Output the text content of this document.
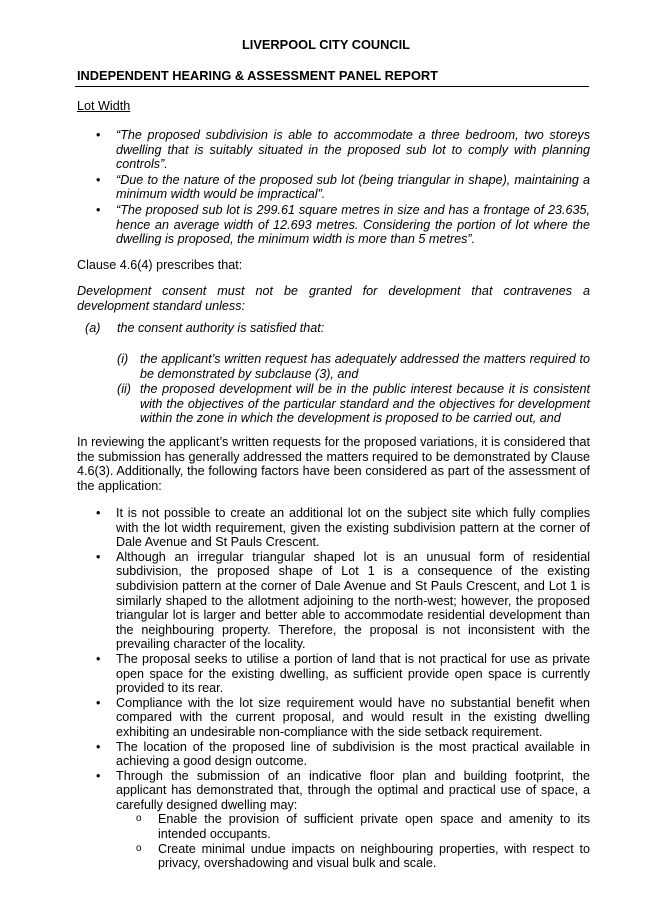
LIVERPOOL CITY COUNCIL
INDEPENDENT HEARING & ASSESSMENT PANEL REPORT
Lot Width
• “The proposed subdivision is able to accommodate a three bedroom, two storeys dwelling that is suitably situated in the proposed sub lot to comply with planning controls”.
• “Due to the nature of the proposed sub lot (being triangular in shape), maintaining a minimum width would be impractical”.
• “The proposed sub lot is 299.61 square metres in size and has a frontage of 23.635, hence an average width of 12.693 metres. Considering the portion of lot where the dwelling is proposed, the minimum width is more than 5 metres”.
Clause 4.6(4) prescribes that:
Development consent must not be granted for development that contravenes a development standard unless:
(a) the consent authority is satisfied that:
(i) the applicant’s written request has adequately addressed the matters required to be demonstrated by subclause (3), and
(ii) the proposed development will be in the public interest because it is consistent with the objectives of the particular standard and the objectives for development within the zone in which the development is proposed to be carried out, and
In reviewing the applicant’s written requests for the proposed variations, it is considered that the submission has generally addressed the matters required to be demonstrated by Clause 4.6(3). Additionally, the following factors have been considered as part of the assessment of the application:
• It is not possible to create an additional lot on the subject site which fully complies with the lot width requirement, given the existing subdivision pattern at the corner of Dale Avenue and St Pauls Crescent.
• Although an irregular triangular shaped lot is an unusual form of residential subdivision, the proposed shape of Lot 1 is a consequence of the existing subdivision pattern at the corner of Dale Avenue and St Pauls Crescent, and Lot 1 is similarly shaped to the allotment adjoining to the north-west; however, the proposed triangular lot is larger and better able to accommodate residential development than the neighbouring property. Therefore, the proposal is not inconsistent with the prevailing character of the locality.
• The proposal seeks to utilise a portion of land that is not practical for use as private open space for the existing dwelling, as sufficient provide open space is currently provided to its rear.
• Compliance with the lot size requirement would have no substantial benefit when compared with the current proposal, and would result in the existing dwelling exhibiting an undesirable non-compliance with the side setback requirement.
• The location of the proposed line of subdivision is the most practical available in achieving a good design outcome.
• Through the submission of an indicative floor plan and building footprint, the applicant has demonstrated that, through the optimal and practical use of space, a carefully designed dwelling may:
o Enable the provision of sufficient private open space and amenity to its intended occupants.
o Create minimal undue impacts on neighbouring properties, with respect to privacy, overshadowing and visual bulk and scale.
